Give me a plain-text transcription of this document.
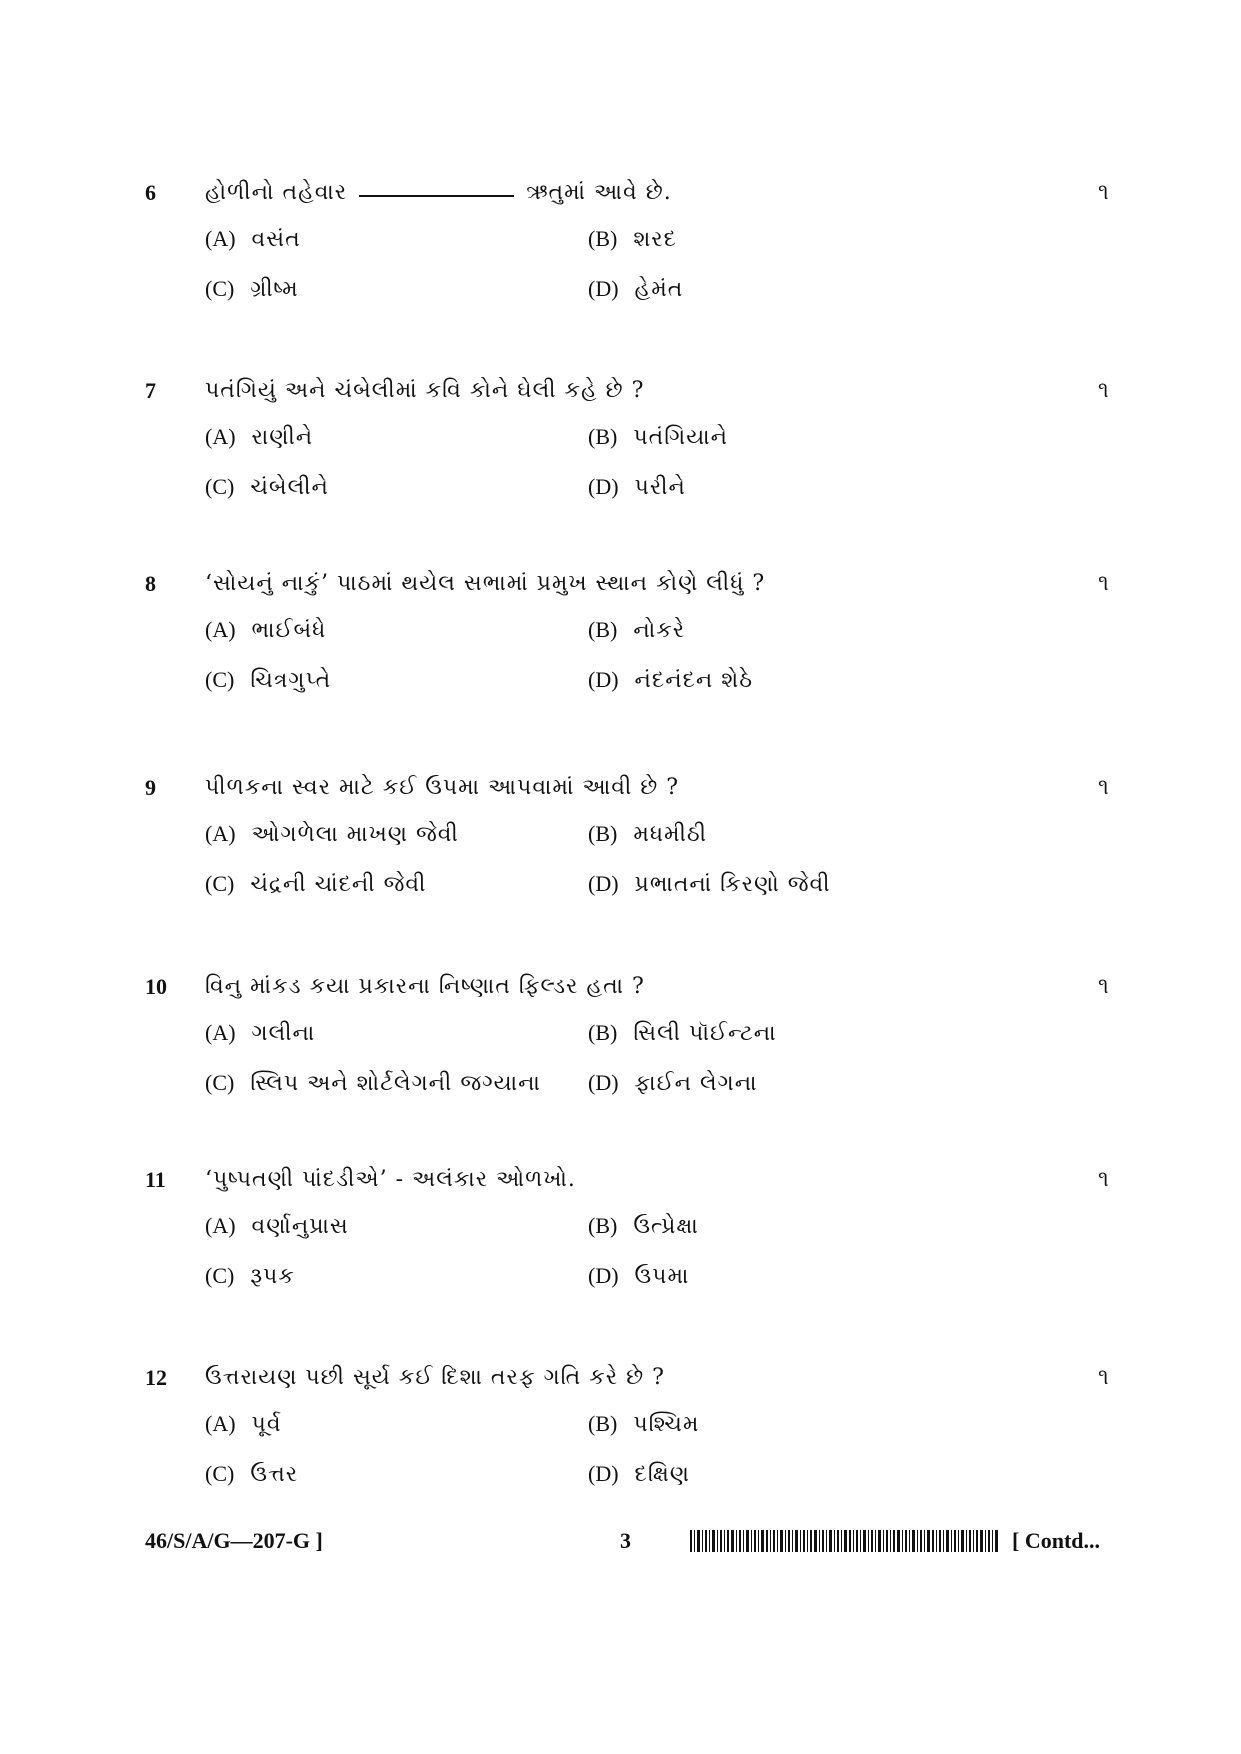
6 હોળીનો તહેવાર	ઋતુમાં આવે છે.	૧
(A) વસંત	(B) શરદ
(C) ગ્રીષ્મ	(D) હેમંત
7 પતંગિયું અને ચંબેલીમાં કવિ કોને ઘેલી કહે છે ?	૧
(A) રાણીને	(B) પતંગિયાને
(C) ચંબેલીને	(D) પરીને
8 ‘સોયનું નાકું’ પાઠમાં થયેલ સભામાં પ્રમુખ સ્થાન કોણે લીધું ?	૧
(A) ભાઈબંધે	(B) નોકરે
(C) ચિત્રગુપ્તે	(D) નંદનંદન શેઠે
9 પીળકના સ્વર માટે કઈ ઉપમા આપવામાં આવી છે ?	૧
(A) ઓગળેલા માખણ જેવી	(B) મધમીઠી
(C) ચંદ્રની ચાંદની જેવી	(D) પ્રભાતનાં કિરણો જેવી
10 વિનુ માંકડ કયા પ્રકારના નિષ્ણાત ફિલ્ડર હતા ?	૧
(A) ગલીના	(B) સિલી પૉઈન્ટના
(C) સ્લિપ અને શોર્ટલેગની જગ્યાના (D) ફાઈન લેગના
11 ‘પુષ્પતણી પાંદડીએ’ - અલંકાર ઓળખો.	૧
(A) વર્ણાનુપ્રાસ	(B) ઉત્પ્રેક્ષા
(C) રૂપક	(D) ઉપમા
12 ઉત્તરાયણ પછી સૂર્ય કઈ દિશા તરફ ગતિ કરે છે ?	૧
(A) પૂર્વ	(B) પશ્ચિમ
(C) ઉત્તર	(D) દક્ષિણ
46/S/A/G—207-G ]	3	[ Contd...
